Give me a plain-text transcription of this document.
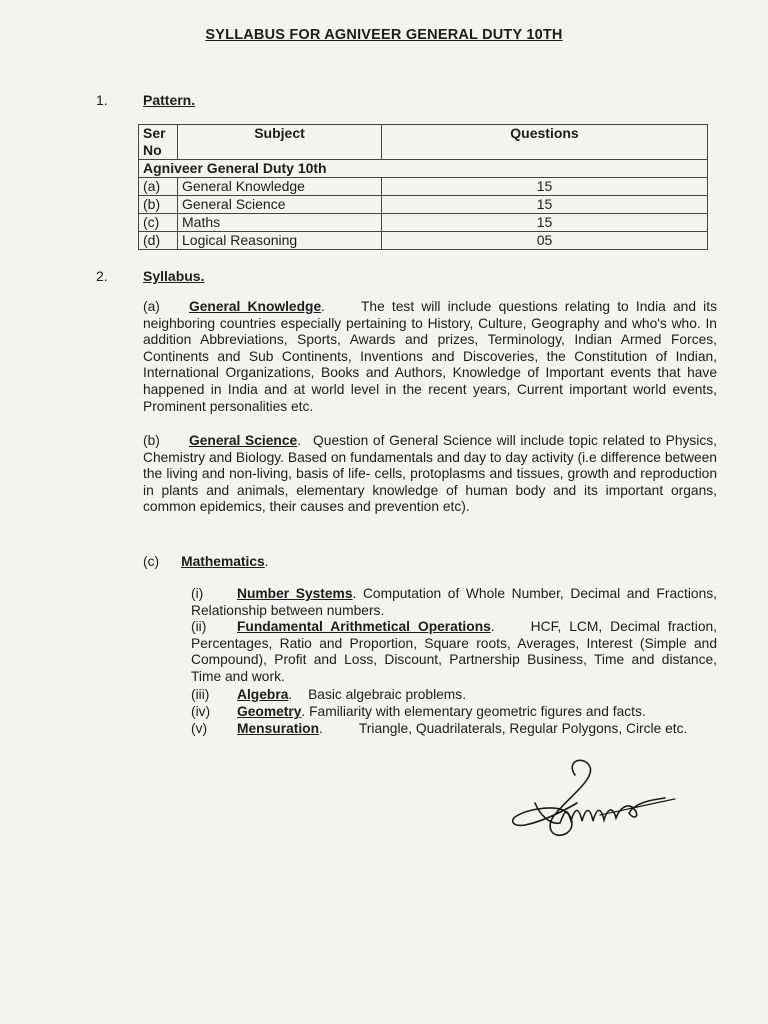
SYLLABUS FOR AGNIVEER GENERAL DUTY 10TH
1.	Pattern.
Ser No	Subject	Questions
Agniveer General Duty 10th		
(a)	General Knowledge	15
(b)	General Science	15
(c)	Maths	15
(d)	Logical Reasoning	05
2.	Syllabus.
(a) General Knowledge.	The test will include questions relating to India and its neighboring countries especially pertaining to History, Culture, Geography and who's who. In addition Abbreviations, Sports, Awards and prizes, Terminology, Indian Armed Forces, Continents and Sub Continents, Inventions and Discoveries, the Constitution of Indian, International Organizations, Books and Authors, Knowledge of Important events that have happened in India and at world level in the recent years, Current important world events, Prominent personalities etc.
(b) General Science. Question of General Science will include topic related to Physics, Chemistry and Biology. Based on fundamentals and day to day activity (i.e difference between the living and non-living, basis of life- cells, protoplasms and tissues, growth and reproduction in plants and animals, elementary knowledge of human body and its important organs, common epidemics, their causes and prevention etc).
(c) Mathematics.
(i) Number Systems. Computation of Whole Number, Decimal and Fractions, Relationship between numbers.
(ii) Fundamental Arithmetical Operations.	HCF, LCM, Decimal fraction, Percentages, Ratio and Proportion, Square roots, Averages, Interest (Simple and Compound), Profit and Loss, Discount, Partnership Business, Time and distance, Time and work.
(iii) Algebra. Basic algebraic problems.
(iv) Geometry. Familiarity with elementary geometric figures and facts.
(v) Mensuration.	Triangle, Quadrilaterals, Regular Polygons, Circle etc.
